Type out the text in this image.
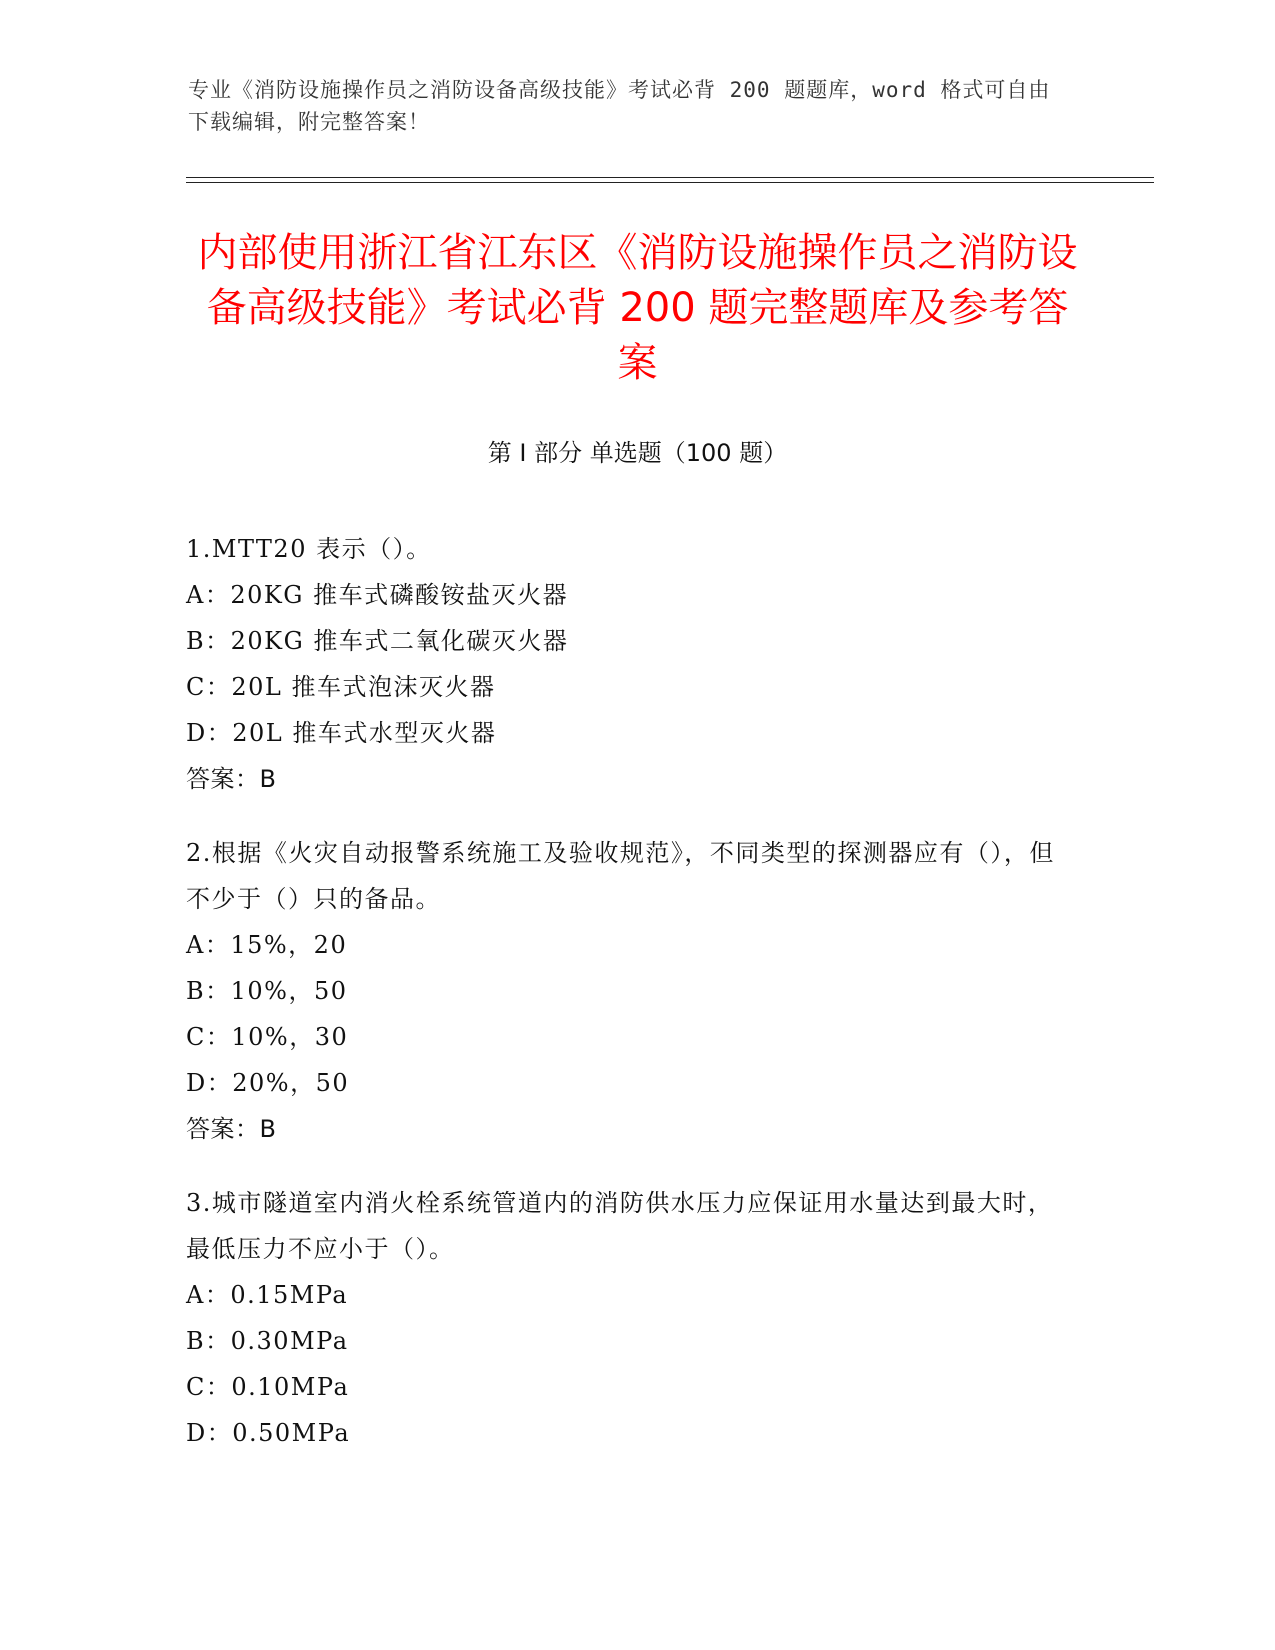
专业《消防设施操作员之消防设备高级技能》考试必背 200 题题库，word 格式可自由下载编辑，附完整答案！
内部使用浙江省江东区《消防设施操作员之消防设备高级技能》考试必背 200 题完整题库及参考答案
第 I 部分 单选题（100 题）
1.MTT20 表示（）。
A：20KG 推车式磷酸铵盐灭火器
B：20KG 推车式二氧化碳灭火器
C：20L 推车式泡沫灭火器
D：20L 推车式水型灭火器
答案：B
2.根据《火灾自动报警系统施工及验收规范》，不同类型的探测器应有（），但不少于（）只的备品。
A：15%，20
B：10%，50
C：10%，30
D：20%，50
答案：B
3.城市隧道室内消火栓系统管道内的消防供水压力应保证用水量达到最大时，最低压力不应小于（）。
A：0.15MPa
B：0.30MPa
C：0.10MPa
D：0.50MPa
